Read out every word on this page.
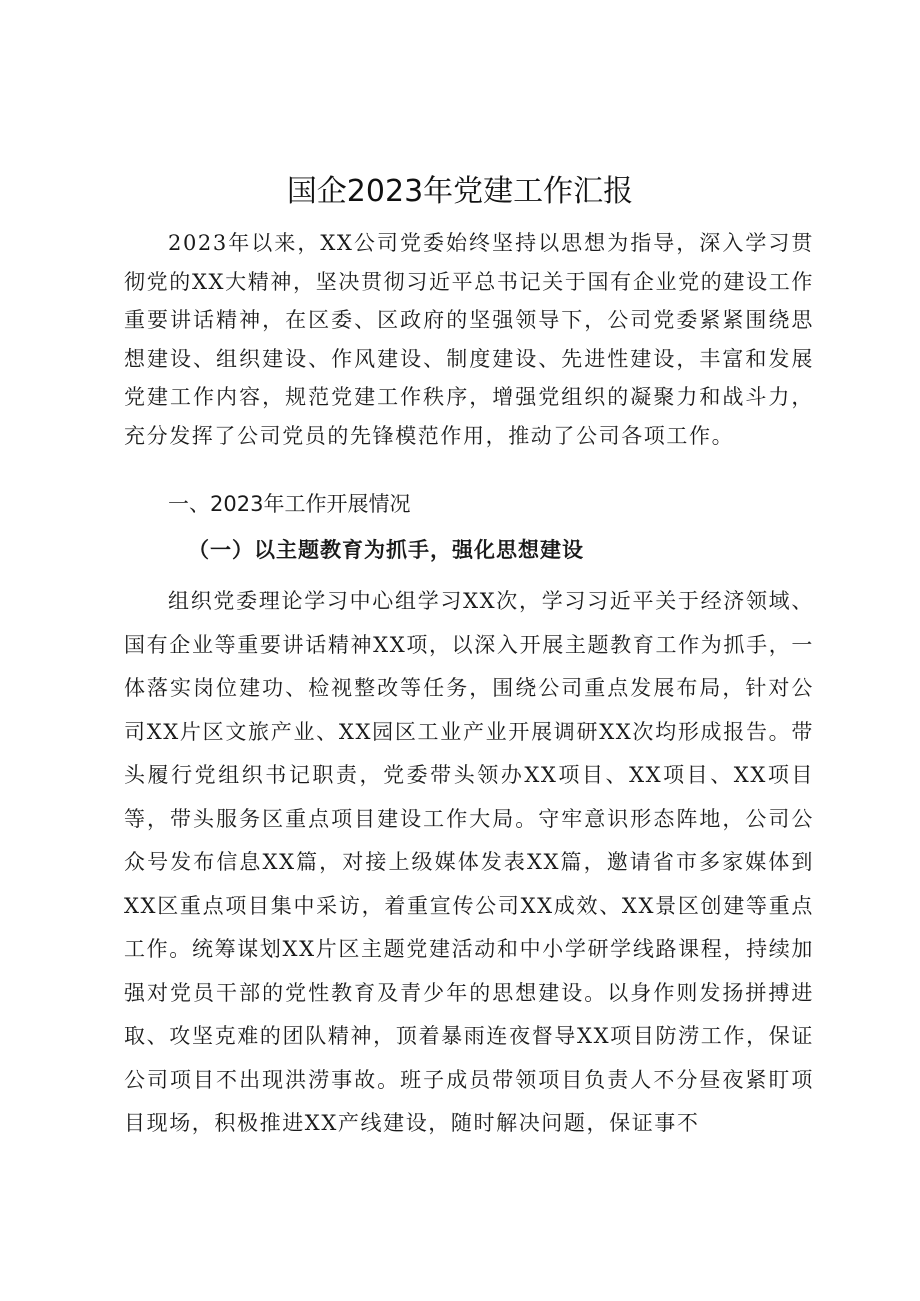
国企2023年党建工作汇报

2023年以来，XX公司党委始终坚持以思想为指导，深入学习贯彻党的XX大精神，坚决贯彻习近平总书记关于国有企业党的建设工作重要讲话精神，在区委、区政府的坚强领导下，公司党委紧紧围绕思想建设、组织建设、作风建设、制度建设、先进性建设，丰富和发展党建工作内容，规范党建工作秩序，增强党组织的凝聚力和战斗力，充分发挥了公司党员的先锋模范作用，推动了公司各项工作。

一、2023年工作开展情况
（一）以主题教育为抓手，强化思想建设

组织党委理论学习中心组学习XX次，学习习近平关于经济领域、国有企业等重要讲话精神XX项，以深入开展主题教育工作为抓手，一体落实岗位建功、检视整改等任务，围绕公司重点发展布局，针对公司XX片区文旅产业、XX园区工业产业开展调研XX次均形成报告。带头履行党组织书记职责，党委带头领办XX项目、XX项目、XX项目等，带头服务区重点项目建设工作大局。守牢意识形态阵地，公司公众号发布信息XX篇，对接上级媒体发表XX篇，邀请省市多家媒体到XX区重点项目集中采访，着重宣传公司XX成效、XX景区创建等重点工作。统筹谋划XX片区主题党建活动和中小学研学线路课程，持续加强对党员干部的党性教育及青少年的思想建设。以身作则发扬拼搏进取、攻坚克难的团队精神，顶着暴雨连夜督导XX项目防涝工作，保证公司项目不出现洪涝事故。班子成员带领项目负责人不分昼夜紧盯项目现场，积极推进XX产线建设，随时解决问题，保证事不
